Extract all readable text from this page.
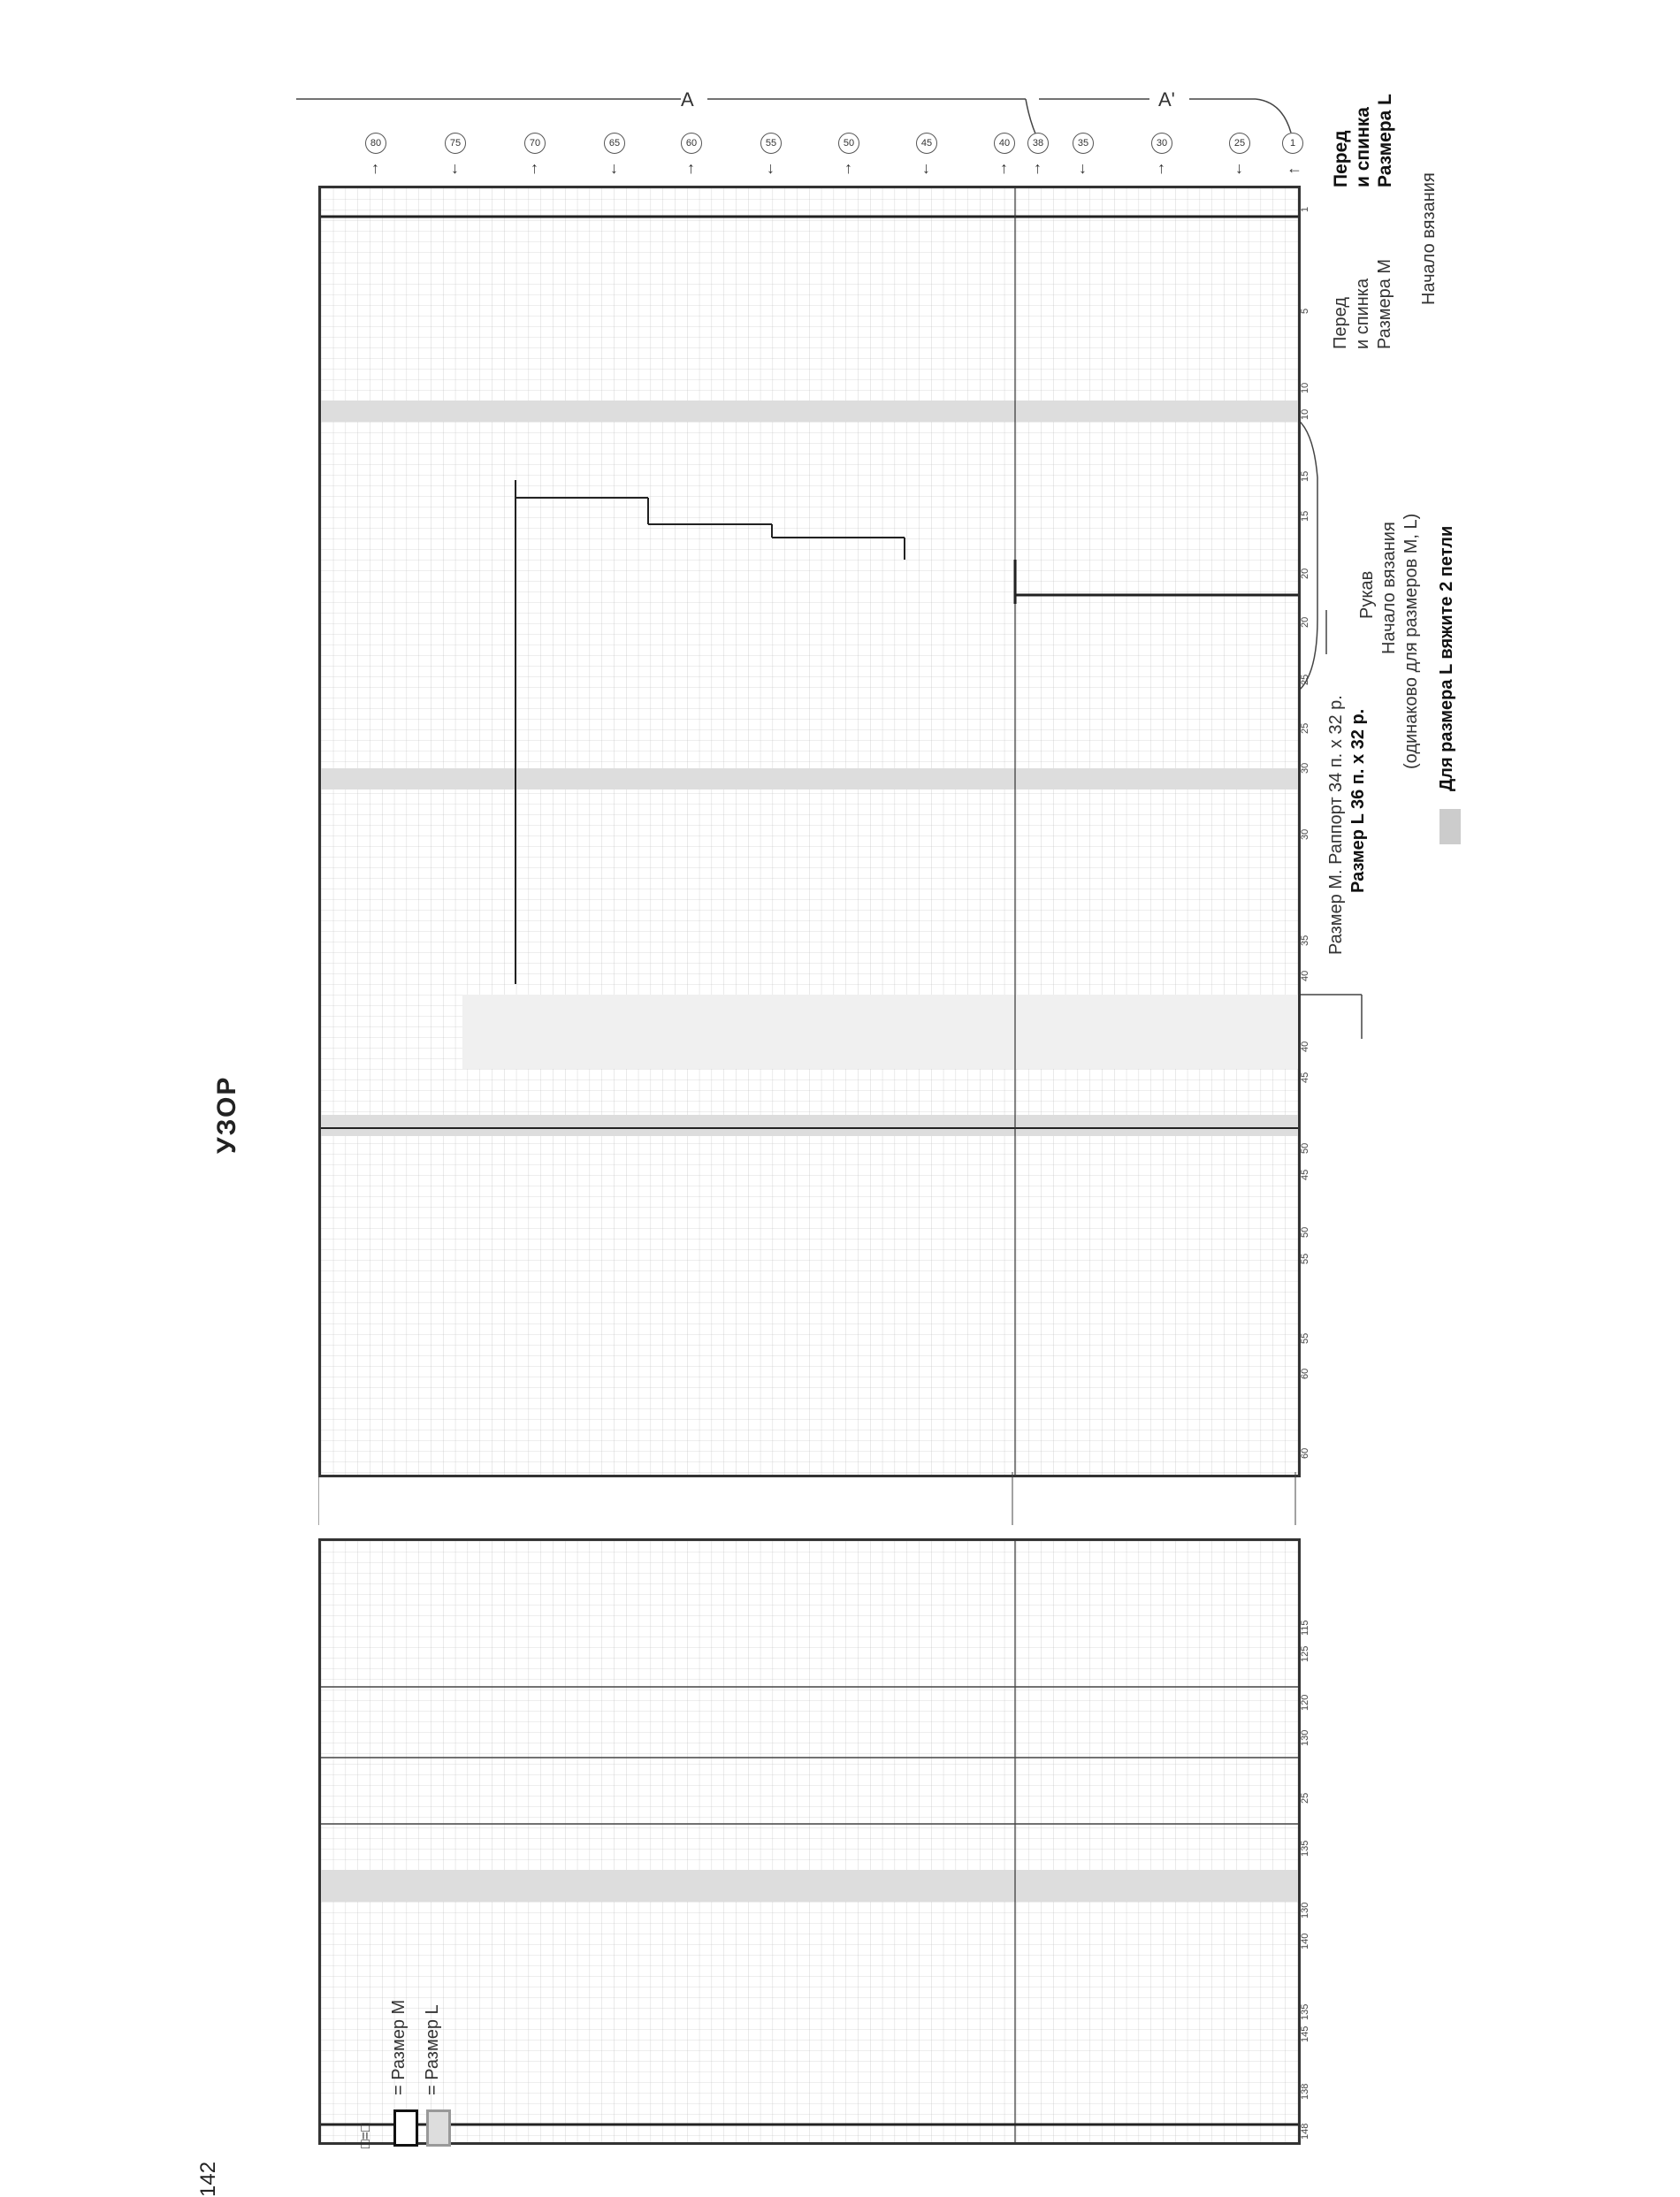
142
УЗОР
A	A'
80	75	70	65	60	55	50	45	40	38	35	30	25	1
↑	↓	↑	↓	↑	↓	↑	↓	↑ ↑ ↓	↑	↓	← Перед и спинка Размера L
Перед и спинка Размера M Начало вязания
Рукав Начало вязания (одинаково для размеров M, L)
Размер М. Раппорт 34 п. х 32 р. Размер L 36 п. х 32 р.
Для размера L вяжите 2 петли
1
5
10
10
15
15
20
20
25
25
30
30
35
40
40
45
50
45
55
50
60
55
60
115
125
120
130
25
135
140
130
145
135
148
138
□=□
= Размер М = Размер L
